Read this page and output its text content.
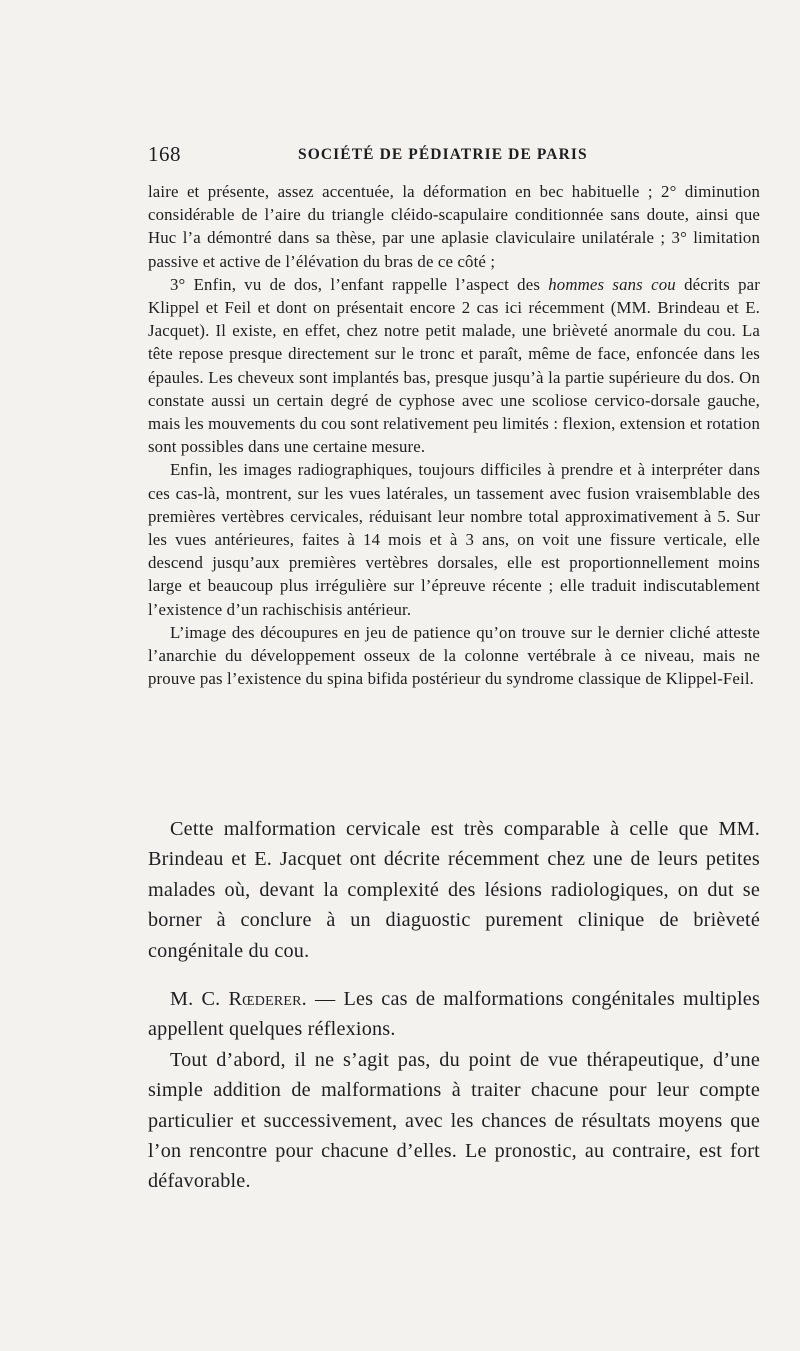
168	SOCIÉTÉ DE PÉDIATRIE DE PARIS

laire et présente, assez accentuée, la déformation en bec habituelle ; 2° diminution considérable de l’aire du triangle cléido-scapulaire conditionnée sans doute, ainsi que Huc l’a démontré dans sa thèse, par une aplasie claviculaire unilatérale ; 3° limitation passive et active de l’élévation du bras de ce côté ;

3° Enfin, vu de dos, l’enfant rappelle l’aspect des hommes sans cou décrits par Klippel et Feil et dont on présentait encore 2 cas ici récemment (MM. Brindeau et E. Jacquet). Il existe, en effet, chez notre petit malade, une brièveté anormale du cou. La tête repose presque directement sur le tronc et paraît, même de face, enfoncée dans les épaules. Les cheveux sont implantés bas, presque jusqu’à la partie supérieure du dos. On constate aussi un certain degré de cyphose avec une scoliose cervico-dorsale gauche, mais les mouvements du cou sont relativement peu limités : flexion, extension et rotation sont possibles dans une certaine mesure.

Enfin, les images radiographiques, toujours difficiles à prendre et à interpréter dans ces cas-là, montrent, sur les vues latérales, un tassement avec fusion vraisemblable des premières vertèbres cervicales, réduisant leur nombre total approximativement à 5. Sur les vues antérieures, faites à 14 mois et à 3 ans, on voit une fissure verticale, elle descend jusqu’aux premières vertèbres dorsales, elle est proportionnellement moins large et beaucoup plus irrégulière sur l’épreuve récente ; elle traduit indiscutablement l’existence d’un rachischisis antérieur.

L’image des découpures en jeu de patience qu’on trouve sur le dernier cliché atteste l’anarchie du développement osseux de la colonne vertébrale à ce niveau, mais ne prouve pas l’existence du spina bifida postérieur du syndrome classique de Klippel-Feil.

Cette malformation cervicale est très comparable à celle que MM. Brindeau et E. Jacquet ont décrite récemment chez une de leurs petites malades où, devant la complexité des lésions radiologiques, on dut se borner à conclure à un diaguostic purement clinique de brièveté congénitale du cou.

M. C. Rœderer. — Les cas de malformations congénitales multiples appellent quelques réflexions.

Tout d’abord, il ne s’agit pas, du point de vue thérapeutique, d’une simple addition de malformations à traiter chacune pour leur compte particulier et successivement, avec les chances de résultats moyens que l’on rencontre pour chacune d’elles. Le pronostic, au contraire, est fort défavorable.
